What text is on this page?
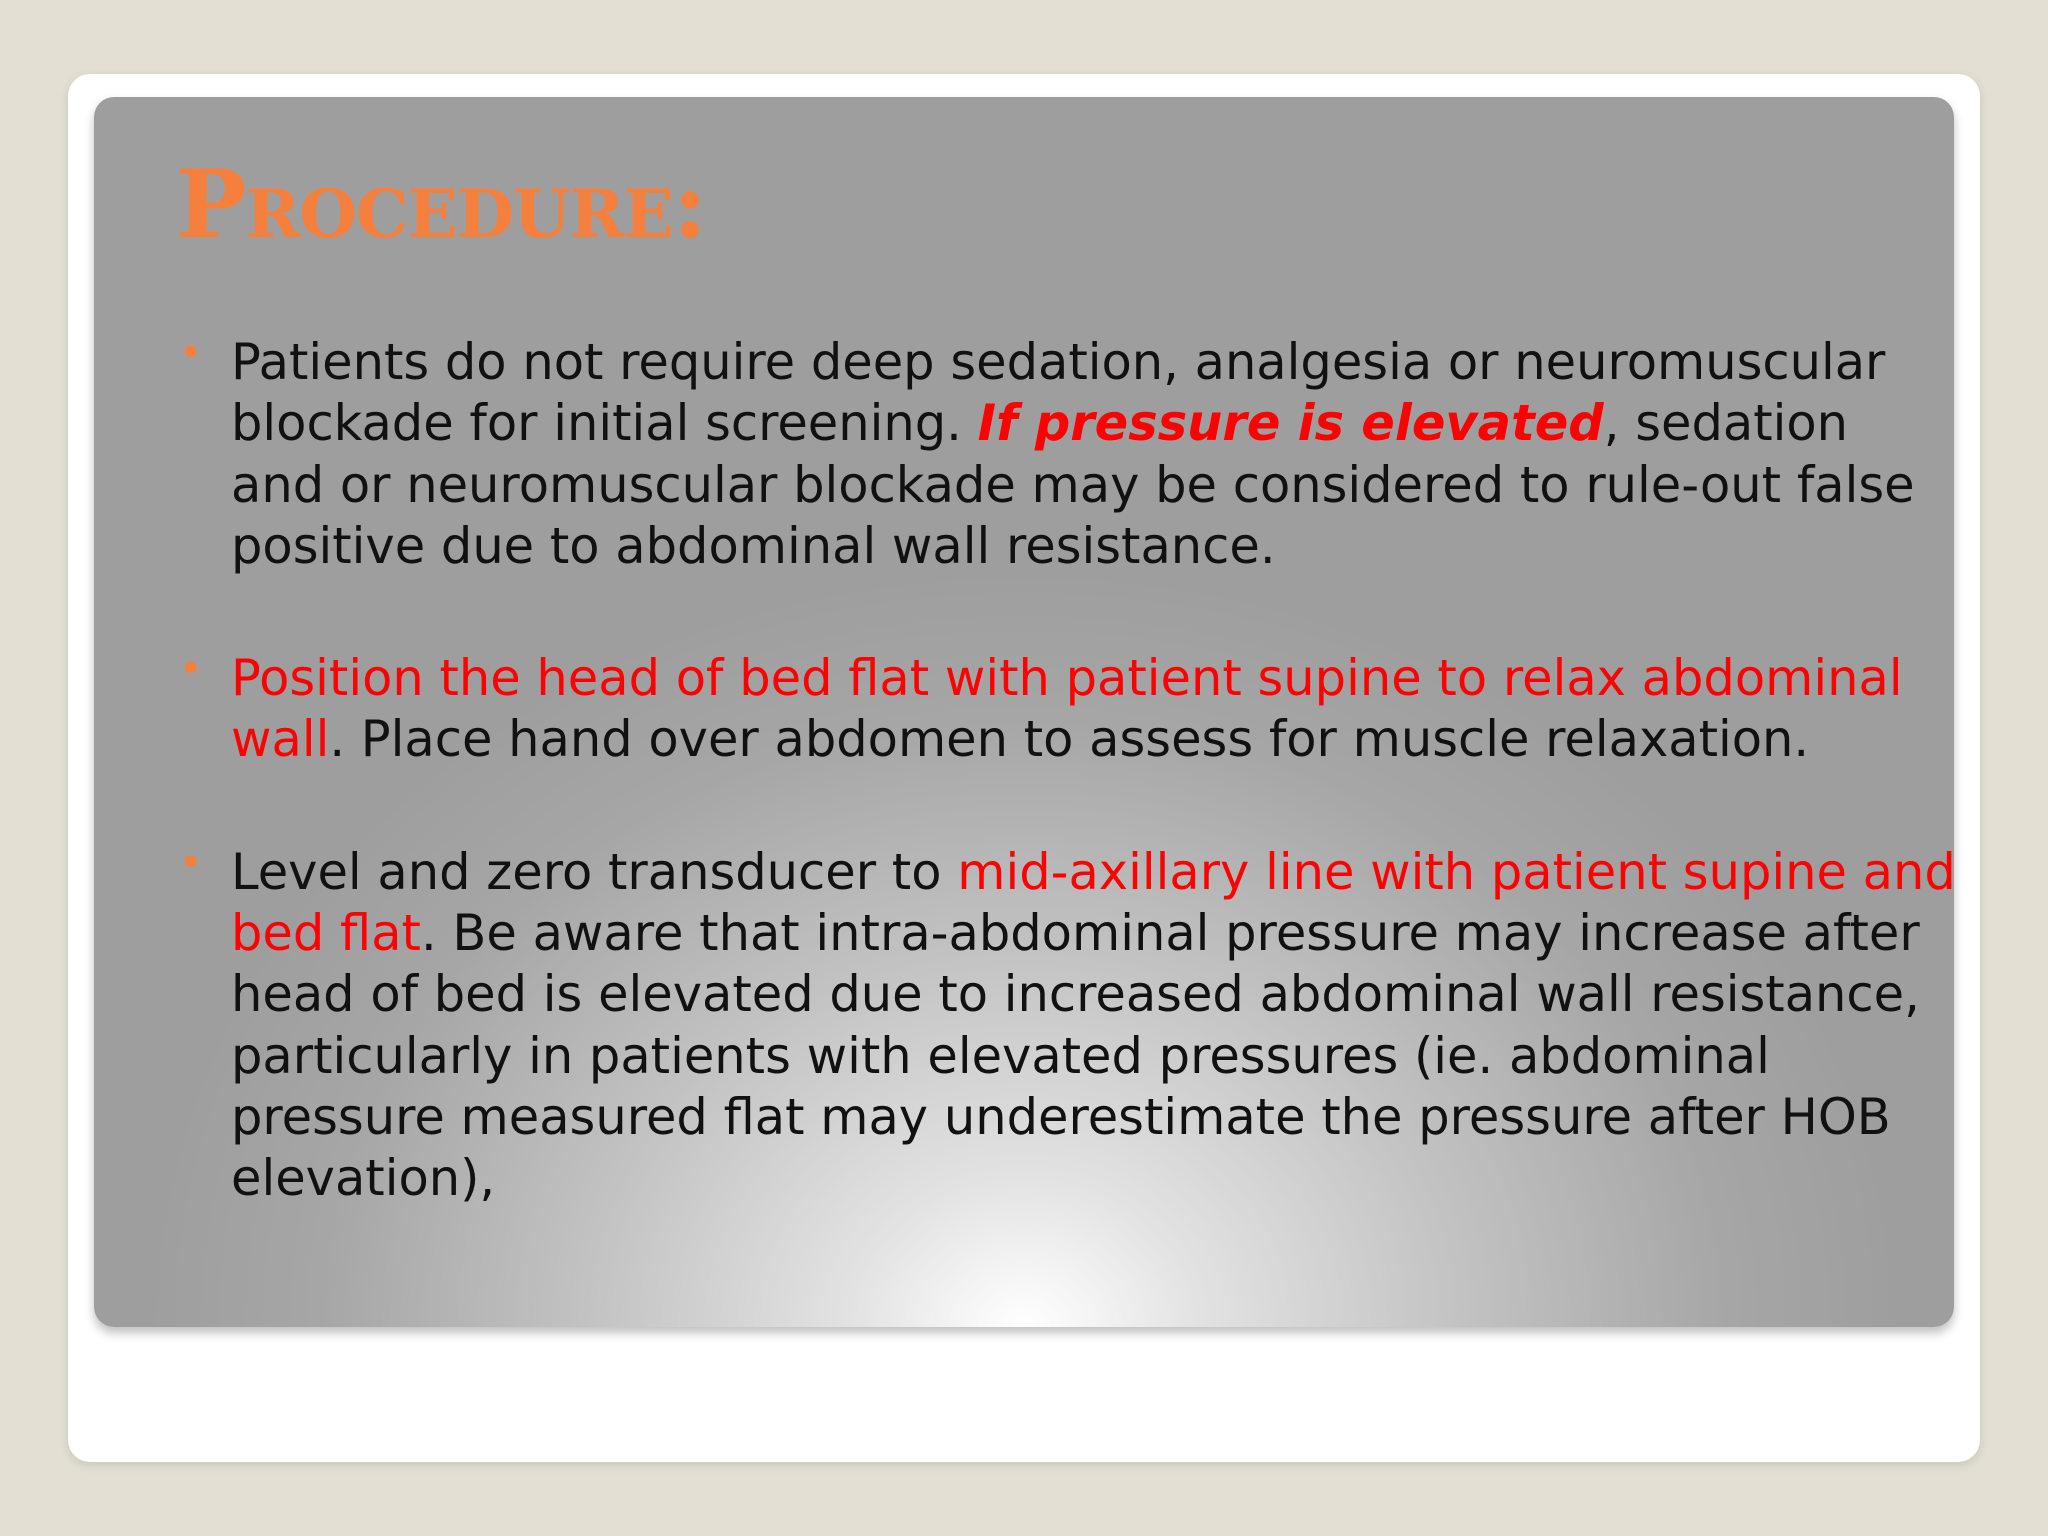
Procedure:
• Patients do not require deep sedation, analgesia or neuromuscular blockade for initial screening. If pressure is elevated, sedation and or neuromuscular blockade may be considered to rule-out false positive due to abdominal wall resistance.
• Position the head of bed flat with patient supine to relax abdominal wall. Place hand over abdomen to assess for muscle relaxation.
• Level and zero transducer to mid-axillary line with patient supine and bed flat. Be aware that intra-abdominal pressure may increase after head of bed is elevated due to increased abdominal wall resistance, particularly in patients with elevated pressures (ie. abdominal pressure measured flat may underestimate the pressure after HOB elevation),
